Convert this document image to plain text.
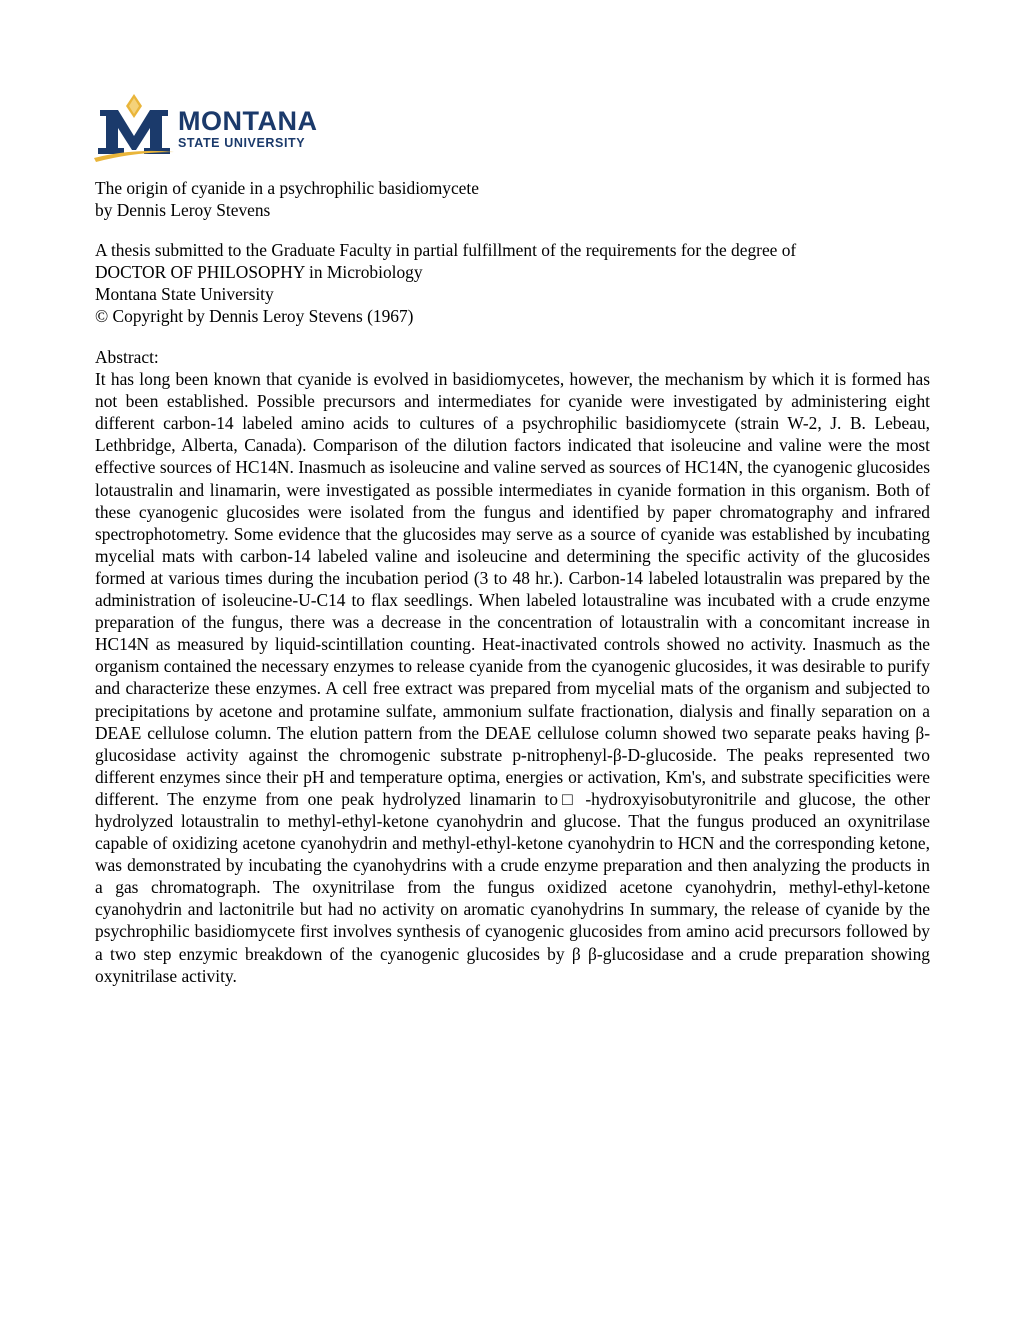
MONTANA
STATE UNIVERSITY
The origin of cyanide in a psychrophilic basidiomycete
by Dennis Leroy Stevens
A thesis submitted to the Graduate Faculty in partial fulfillment of the requirements for the degree of
DOCTOR OF PHILOSOPHY in Microbiology
Montana State University
© Copyright by Dennis Leroy Stevens (1967)
Abstract:
It has long been known that cyanide is evolved in basidiomycetes, however, the mechanism by which it is formed has not been established. Possible precursors and intermediates for cyanide were investigated by administering eight different carbon-14 labeled amino acids to cultures of a psychrophilic basidiomycete (strain W-2, J. B. Lebeau, Lethbridge, Alberta, Canada). Comparison of the dilution factors indicated that isoleucine and valine were the most effective sources of HC14N. Inasmuch as isoleucine and valine served as sources of HC14N, the cyanogenic glucosides lotaustralin and linamarin, were investigated as possible intermediates in cyanide formation in this organism. Both of these cyanogenic glucosides were isolated from the fungus and identified by paper chromatography and infrared spectrophotometry. Some evidence that the glucosides may serve as a source of cyanide was established by incubating mycelial mats with carbon-14 labeled valine and isoleucine and determining the specific activity of the glucosides formed at various times during the incubation period (3 to 48 hr.). Carbon-14 labeled lotaustralin was prepared by the administration of isoleucine-U-C14 to flax seedlings. When labeled lotaustraline was incubated with a crude enzyme preparation of the fungus, there was a decrease in the concentration of lotaustralin with a concomitant increase in HC14N as measured by liquid-scintillation counting. Heat-inactivated controls showed no activity. Inasmuch as the organism contained the necessary enzymes to release cyanide from the cyanogenic glucosides, it was desirable to purify and characterize these enzymes. A cell free extract was prepared from mycelial mats of the organism and subjected to precipitations by acetone and protamine sulfate, ammonium sulfate fractionation, dialysis and finally separation on a DEAE cellulose column. The elution pattern from the DEAE cellulose column showed two separate peaks having β-glucosidase activity against the chromogenic substrate p-nitrophenyl-β-D-glucoside. The peaks represented two different enzymes since their pH and temperature optima, energies or activation, Km's, and substrate specificities were different. The enzyme from one peak hydrolyzed linamarin to□ -hydroxyisobutyronitrile and glucose, the other hydrolyzed lotaustralin to methyl-ethyl-ketone cyanohydrin and glucose. That the fungus produced an oxynitrilase capable of oxidizing acetone cyanohydrin and methyl-ethyl-ketone cyanohydrin to HCN and the corresponding ketone, was demonstrated by incubating the cyanohydrins with a crude enzyme preparation and then analyzing the products in a gas chromatograph. The oxynitrilase from the fungus oxidized acetone cyanohydrin, methyl-ethyl-ketone cyanohydrin and lactonitrile but had no activity on aromatic cyanohydrins In summary, the release of cyanide by the psychrophilic basidiomycete first involves synthesis of cyanogenic glucosides from amino acid precursors followed by a two step enzymic breakdown of the cyanogenic glucosides by β β-glucosidase and a crude preparation showing oxynitrilase activity.
